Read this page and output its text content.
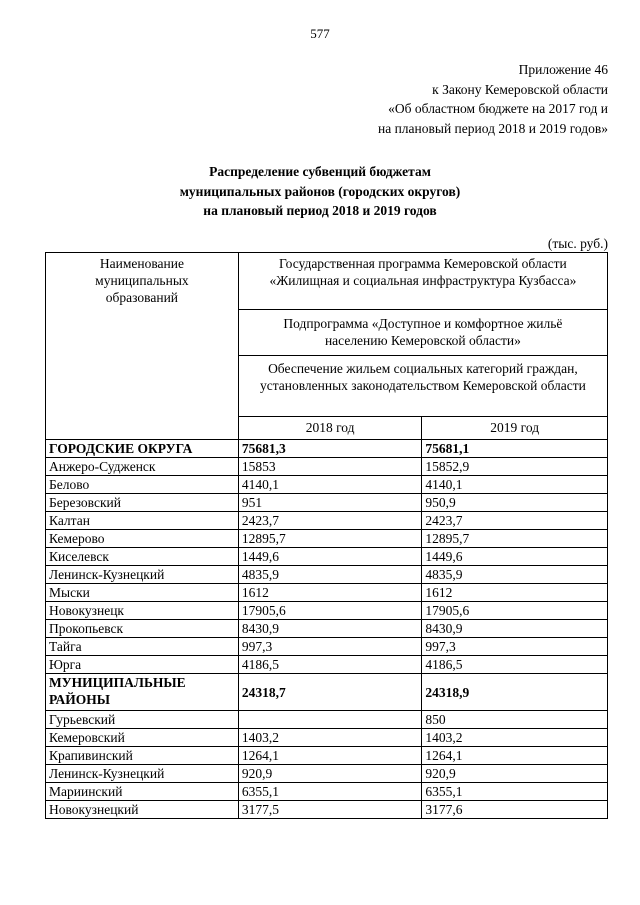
577
Приложение 46
к Закону Кемеровской области
«Об областном бюджете на 2017 год и
на плановый период 2018 и 2019 годов»
Распределение субвенций бюджетам
муниципальных районов (городских округов)
на плановый период 2018 и 2019 годов
(тыс. руб.)
Наименование муниципальных образований	Государственная программа Кемеровской области «Жилищная и социальная инфраструктура Кузбасса»	
	Подпрограмма «Доступное и комфортное жильё населению Кемеровской области»	
	Обеспечение жильем социальных категорий граждан, установленных законодательством Кемеровской области	
	2018 год	2019 год
ГОРОДСКИЕ ОКРУГА	75681,3	75681,1
Анжеро-Судженск	15853	15852,9
Белово	4140,1	4140,1
Березовский	951	950,9
Калтан	2423,7	2423,7
Кемерово	12895,7	12895,7
Киселевск	1449,6	1449,6
Ленинск-Кузнецкий	4835,9	4835,9
Мыски	1612	1612
Новокузнецк	17905,6	17905,6
Прокопьевск	8430,9	8430,9
Тайга	997,3	997,3
Юрга	4186,5	4186,5
МУНИЦИПАЛЬНЫЕ РАЙОНЫ	24318,7	24318,9
Гурьевский		850
Кемеровский	1403,2	1403,2
Крапивинский	1264,1	1264,1
Ленинск-Кузнецкий	920,9	920,9
Мариинский	6355,1	6355,1
Новокузнецкий	3177,5	3177,6
